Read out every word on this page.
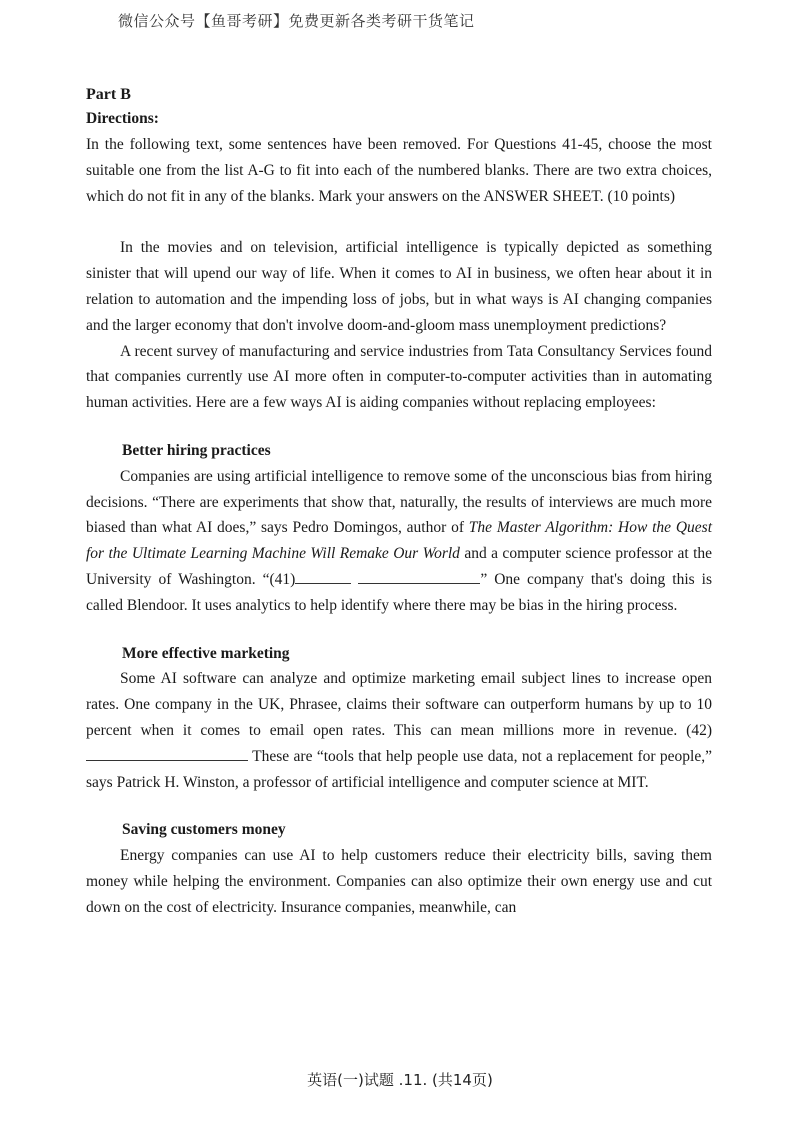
微信公众号【鱼哥考研】免费更新各类考研干货笔记

Part B

Directions:

In the following text, some sentences have been removed. For Questions 41-45, choose the most suitable one from the list A-G to fit into each of the numbered blanks. There are two extra choices, which do not fit in any of the blanks. Mark your answers on the ANSWER SHEET. (10 points)

In the movies and on television, artificial intelligence is typically depicted as something sinister that will upend our way of life. When it comes to AI in business, we often hear about it in relation to automation and the impending loss of jobs, but in what ways is AI changing companies and the larger economy that don't involve doom-and-gloom mass unemployment predictions?

A recent survey of manufacturing and service industries from Tata Consultancy Services found that companies currently use AI more often in computer-to-computer activities than in automating human activities. Here are a few ways AI is aiding companies without replacing employees:

Better hiring practices

Companies are using artificial intelligence to remove some of the unconscious bias from hiring decisions. “There are experiments that show that, naturally, the results of interviews are much more biased than what AI does,” says Pedro Domingos, author of The Master Algorithm: How the Quest for the Ultimate Learning Machine Will Remake Our World and a computer science professor at the University of Washington. “(41)	” One company that's doing this is called Blendoor. It uses analytics to help identify where there may be bias in the hiring process.

More effective marketing

Some AI software can analyze and optimize marketing email subject lines to increase open rates. One company in the UK, Phrasee, claims their software can outperform humans by up to 10 percent when it comes to email open rates. This can mean millions more in revenue. (42) These are “tools that help people use data, not a replacement for people,” says Patrick H. Winston, a professor of artificial intelligence and computer science at MIT.

Saving customers money

Energy companies can use AI to help customers reduce their electricity bills, saving them money while helping the environment. Companies can also optimize their own energy use and cut down on the cost of electricity. Insurance companies, meanwhile, can

英语(一)试题 .11. (共14页)
